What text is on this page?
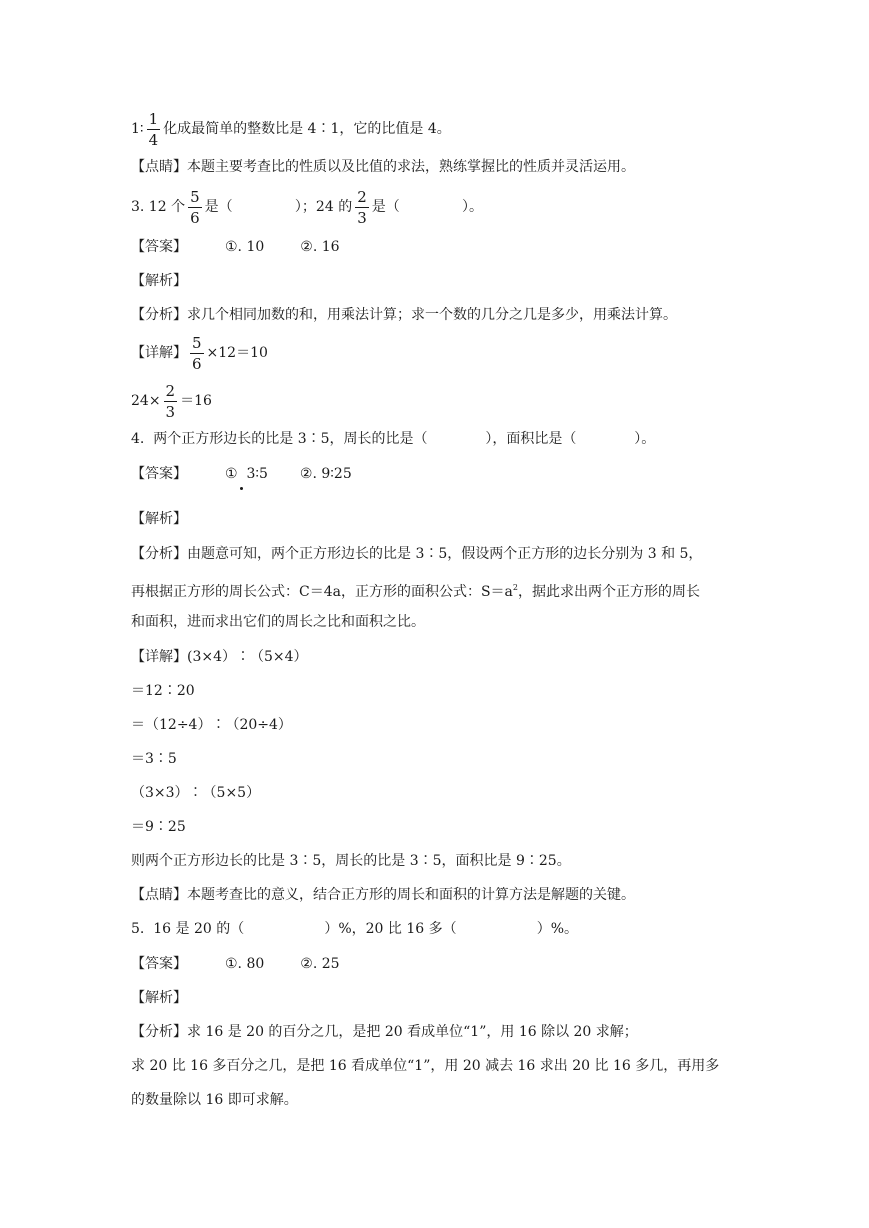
1∶ $\frac{1}{4}$ 化成最简单的整数比是 4∶1，它的比值是 4。
【点睛】本题主要考查比的性质以及比值的求法，熟练掌握比的性质并灵活运用。
3. 12 个 $\frac{5}{6}$ 是（              ）；24 的 $\frac{2}{3}$ 是（              ）。
【答案】	①. 10	②. 16
【解析】
【分析】求几个相同加数的和，用乘法计算；求一个数的几分之几是多少，用乘法计算。
【详解】 $\frac{5}{6} \times 12=10$
$24\times \frac{2}{3} =16$
4.  两个正方形边长的比是 3∶5，周长的比是（             ），面积比是（             ）。
【答案】	①  3∶5 ②. 9∶25
【解析】
【分析】由题意可知，两个正方形边长的比是 3∶5，假设两个正方形的边长分别为 3 和 5，
再根据正方形的周长公式：C＝4a，正方形的面积公式：$S=a^2$，据此求出两个正方形的周长
和面积，进而求出它们的周长之比和面积之比。
【详解】(3×4）∶（5×4）
＝12∶20
＝（12÷4）∶（20÷4）
＝3∶5
（3×3）∶（5×5）
＝9∶25
则两个正方形边长的比是 3∶5，周长的比是 3∶5，面积比是 9∶25。
【点睛】本题考查比的意义，结合正方形的周长和面积的计算方法是解题的关键。
5.  16 是 20 的（                  ）%，20 比 16 多（                  ）%。
【答案】	①. 80	②. 25
【解析】
【分析】求 16 是 20 的百分之几，是把 20 看成单位“1”，用 16 除以 20 求解；
求 20 比 16 多百分之几，是把 16 看成单位“1”，用 20 减去 16 求出 20 比 16 多几，再用多
的数量除以 16 即可求解。
